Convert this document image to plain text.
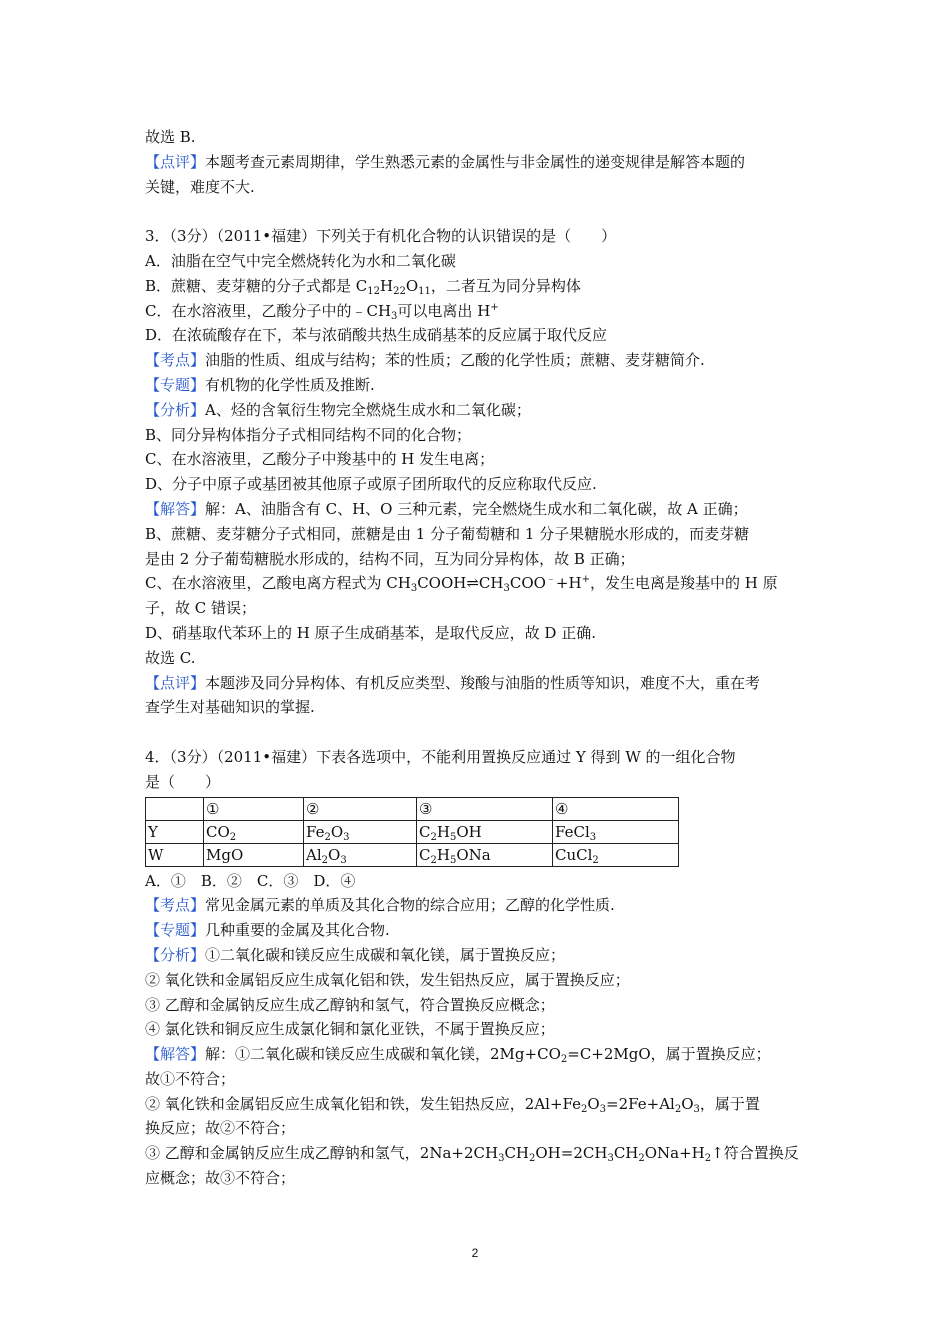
故选 B.
【点评】本题考查元素周期律，学生熟悉元素的金属性与非金属性的递变规律是解答本题的
关键，难度不大.
3．（3分）（2011•福建）下列关于有机化合物的认识错误的是（　　）
A．油脂在空气中完全燃烧转化为水和二氧化碳
B．蔗糖、麦芽糖的分子式都是 $C_{12}H_{22}O_{11}$，二者互为同分异构体
C．在水溶液里，乙酸分子中的$﹣CH_3$可以电离出 H+
D．在浓硫酸存在下，苯与浓硝酸共热生成硝基苯的反应属于取代反应
【考点】油脂的性质、组成与结构；苯的性质；乙酸的化学性质；蔗糖、麦芽糖简介.
【专题】有机物的化学性质及推断.
【分析】A、烃的含氧衍生物完全燃烧生成水和二氧化碳；
B、同分异构体指分子式相同结构不同的化合物；
C、在水溶液里，乙酸分子中羧基中的 H 发生电离；
D、分子中原子或基团被其他原子或原子团所取代的反应称取代反应.
【解答】解：A、油脂含有 C、H、O 三种元素，完全燃烧生成水和二氧化碳，故 A 正确；
B、蔗糖、麦芽糖分子式相同，蔗糖是由 1 分子葡萄糖和 1 分子果糖脱水形成的，而麦芽糖
是由 2 分子葡萄糖脱水形成的，结构不同，互为同分异构体，故 B 正确；
C、在水溶液里，乙酸电离方程式为 $CH_3COOH\rightleftharpoons CH_3COO^﹣+H^+$，发生电离是羧基中的 H 原
子，故 C 错误；
D、硝基取代苯环上的 H 原子生成硝基苯，是取代反应，故 D 正确.
故选 C.
【点评】本题涉及同分异构体、有机反应类型、羧酸与油脂的性质等知识，难度不大，重在考
查学生对基础知识的掌握.
4．（3分）（2011•福建）下表各选项中，不能利用置换反应通过 Y 得到 W 的一组化合物
是（　　）
	①	②	③	④
Y	$CO_2$	$Fe_2O_3$	$C_2H_5OH$	FeCl$_3$
W	MgO	$Al_2O_3$	$C_2H_5ONa$	CuCl$_2$
A．①　B．②　C．③　D．④
【考点】常见金属元素的单质及其化合物的综合应用；乙醇的化学性质.
【专题】几种重要的金属及其化合物.
【分析】①二氧化碳和镁反应生成碳和氧化镁，属于置换反应；
② 氧化铁和金属铝反应生成氧化铝和铁，发生铝热反应，属于置换反应；
③ 乙醇和金属钠反应生成乙醇钠和氢气，符合置换反应概念；
④ 氯化铁和铜反应生成氯化铜和氯化亚铁，不属于置换反应；
【解答】解：①二氧化碳和镁反应生成碳和氧化镁，$2Mg+CO_2=C+2MgO$，属于置换反应；
故①不符合；
② 氧化铁和金属铝反应生成氧化铝和铁，发生铝热反应，$2Al+Fe_2O_3=2Fe+Al_2O_3$，属于置
换反应；故②不符合；
③ 乙醇和金属钠反应生成乙醇钠和氢气，$2Na+2CH_3CH_2OH=2CH_3CH_2ONa+H_2↑$符合置换反
应概念；故③不符合；
2
